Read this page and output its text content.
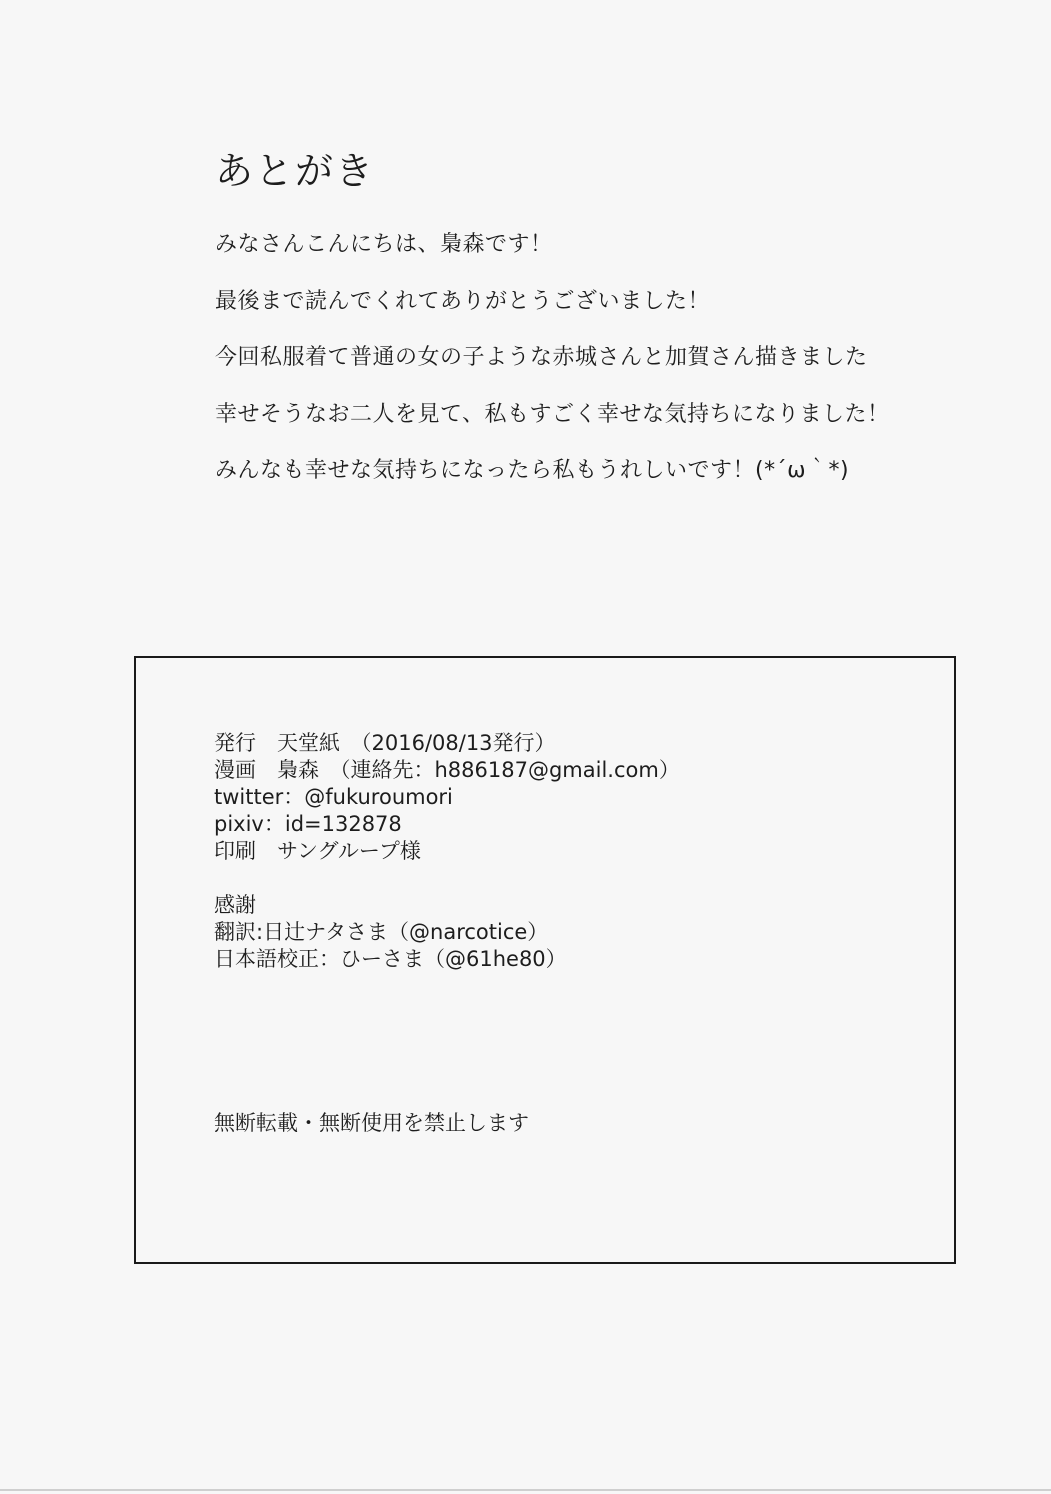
あとがき

みなさんこんにちは、梟森です！

最後まで読んでくれてありがとうございました！

今回私服着て普通の女の子ような赤城さんと加賀さん描きました

幸せそうなお二人を見て、私もすごく幸せな気持ちになりました！

みんなも幸せな気持ちになったら私もうれしいです！(*´ω｀*)

発行　天堂紙　（2016/08/13発行）

漫画　梟森　（連絡先：h886187@gmail.com）

twitter：@fukuroumori

pixiv：id=132878

印刷　サングループ様

感謝

翻訳:日辻ナタさま（@narcotice）

日本語校正：ひーさま（@61he80）

無断転載・無断使用を禁止します
